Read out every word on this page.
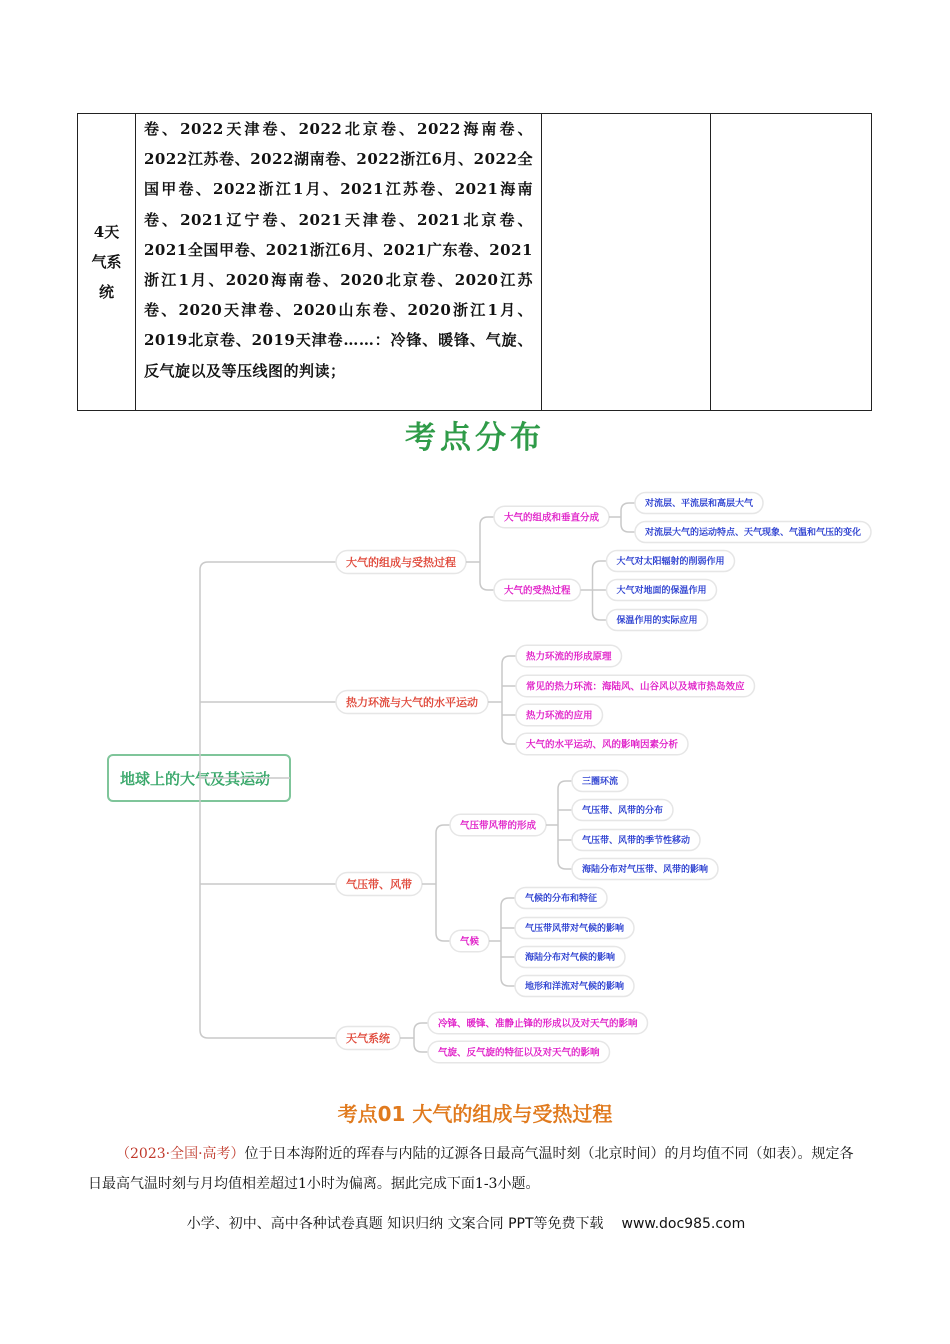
4天气系统
卷、2022天津卷、2022北京卷、2022海南卷、2022江苏卷、2022湖南卷、2022浙江6月、2022全国甲卷、2022浙江1月、2021江苏卷、2021海南卷、2021辽宁卷、2021天津卷、2021北京卷、2021全国甲卷、2021浙江6月、2021广东卷、2021浙江1月、2020海南卷、2020北京卷、2020江苏卷、2020天津卷、2020山东卷、2020浙江1月、2019北京卷、2019天津卷……：冷锋、暖锋、气旋、反气旋以及等压线图的判读；
考点分布
地球上的大气及其运动
大气的组成与受热过程
大气的组成和垂直分成
对流层、平流层和高层大气
对流层大气的运动特点、天气现象、气温和气压的变化
大气的受热过程
大气对太阳辐射的削弱作用
大气对地面的保温作用
保温作用的实际应用
热力环流与大气的水平运动
热力环流的形成原理
常见的热力环流：海陆风、山谷风以及城市热岛效应
热力环流的应用
大气的水平运动、风的影响因素分析
气压带、风带
气压带风带的形成
三圈环流
气压带、风带的分布
气压带、风带的季节性移动
海陆分布对气压带、风带的影响
气候
气候的分布和特征
气压带风带对气候的影响
海陆分布对气候的影响
地形和洋流对气候的影响
天气系统
冷锋、暖锋、准静止锋的形成以及对天气的影响
气旋、反气旋的特征以及对天气的影响
考点01 大气的组成与受热过程
（2023·全国·高考）位于日本海附近的珲春与内陆的辽源各日最高气温时刻（北京时间）的月均值不同（如表）。规定各日最高气温时刻与月均值相差超过1小时为偏离。据此完成下面1-3小题。
小学、初中、高中各种试卷真题 知识归纳 文案合同 PPT等免费下载 www.doc985.com
